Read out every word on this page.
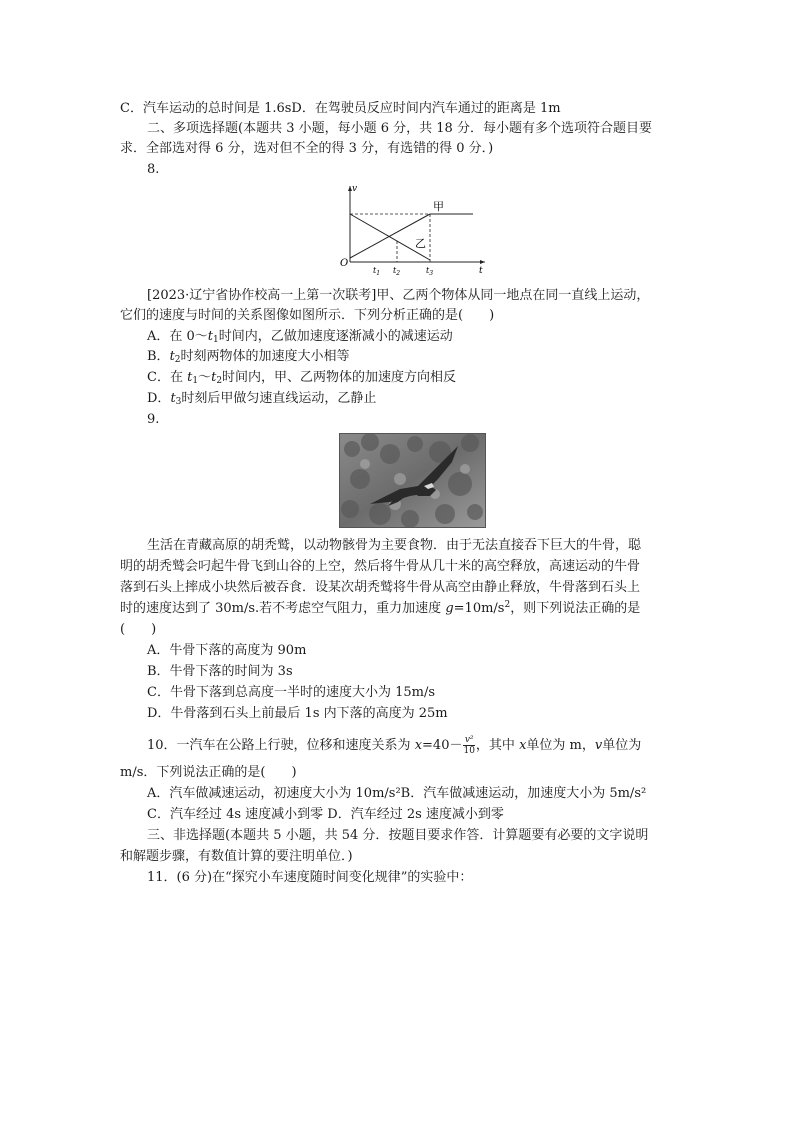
C．汽车运动的总时间是 1.6sD．在驾驶员反应时间内汽车通过的距离是 1m
二、多项选择题(本题共 3 小题，每小题 6 分，共 18 分．每小题有多个选项符合题目要
求．全部选对得 6 分，选对但不全的得 3 分，有选错的得 0 分．)
8.
v
t
O
甲
乙
$t_1$ $t_2$	$t_3$
[2023·辽宁省协作校高一上第一次联考]甲、乙两个物体从同一地点在同一直线上运动，
它们的速度与时间的关系图像如图所示．下列分析正确的是(　　)
A．在 $0\sim t_1$时间内，乙做加速度逐渐减小的减速运动
B．$t_2$时刻两物体的加速度大小相等
C．在 $t_1\sim t_2$时间内，甲、乙两物体的加速度方向相反
D．$t_3$时刻后甲做匀速直线运动，乙静止
9.
生活在青藏高原的胡秃鹫，以动物骸骨为主要食物．由于无法直接吞下巨大的牛骨，聪
明的胡秃鹫会叼起牛骨飞到山谷的上空，然后将牛骨从几十米的高空释放，高速运动的牛骨
落到石头上摔成小块然后被吞食．设某次胡秃鹫将牛骨从高空由静止释放，牛骨落到石头上
时的速度达到了 30m/s.若不考虑空气阻力，重力加速度 $g=10m/s^2$，则下列说法正确的是
(　　)
A．牛骨下落的高度为 90m
B．牛骨下落的时间为 3s
C．牛骨下落到总高度一半时的速度大小为 15m/s
D．牛骨落到石头上前最后 1s 内下落的高度为 25m
10．一汽车在公路上行驶，位移和速度关系为 $x=40- \frac{\text{v²}}{10}$ ，其中 x单位为 m，v单位为
m/s．下列说法正确的是(　　)
A．汽车做减速运动，初速度大小为 10m/s²B．汽车做减速运动，加速度大小为 5m/s²
C．汽车经过 4s 速度减小到零 D．汽车经过 2s 速度减小到零
三、非选择题(本题共 5 小题，共 54 分．按题目要求作答．计算题要有必要的文字说明
和解题步骤，有数值计算的要注明单位．)
11．(6 分)在“探究小车速度随时间变化规律”的实验中：
